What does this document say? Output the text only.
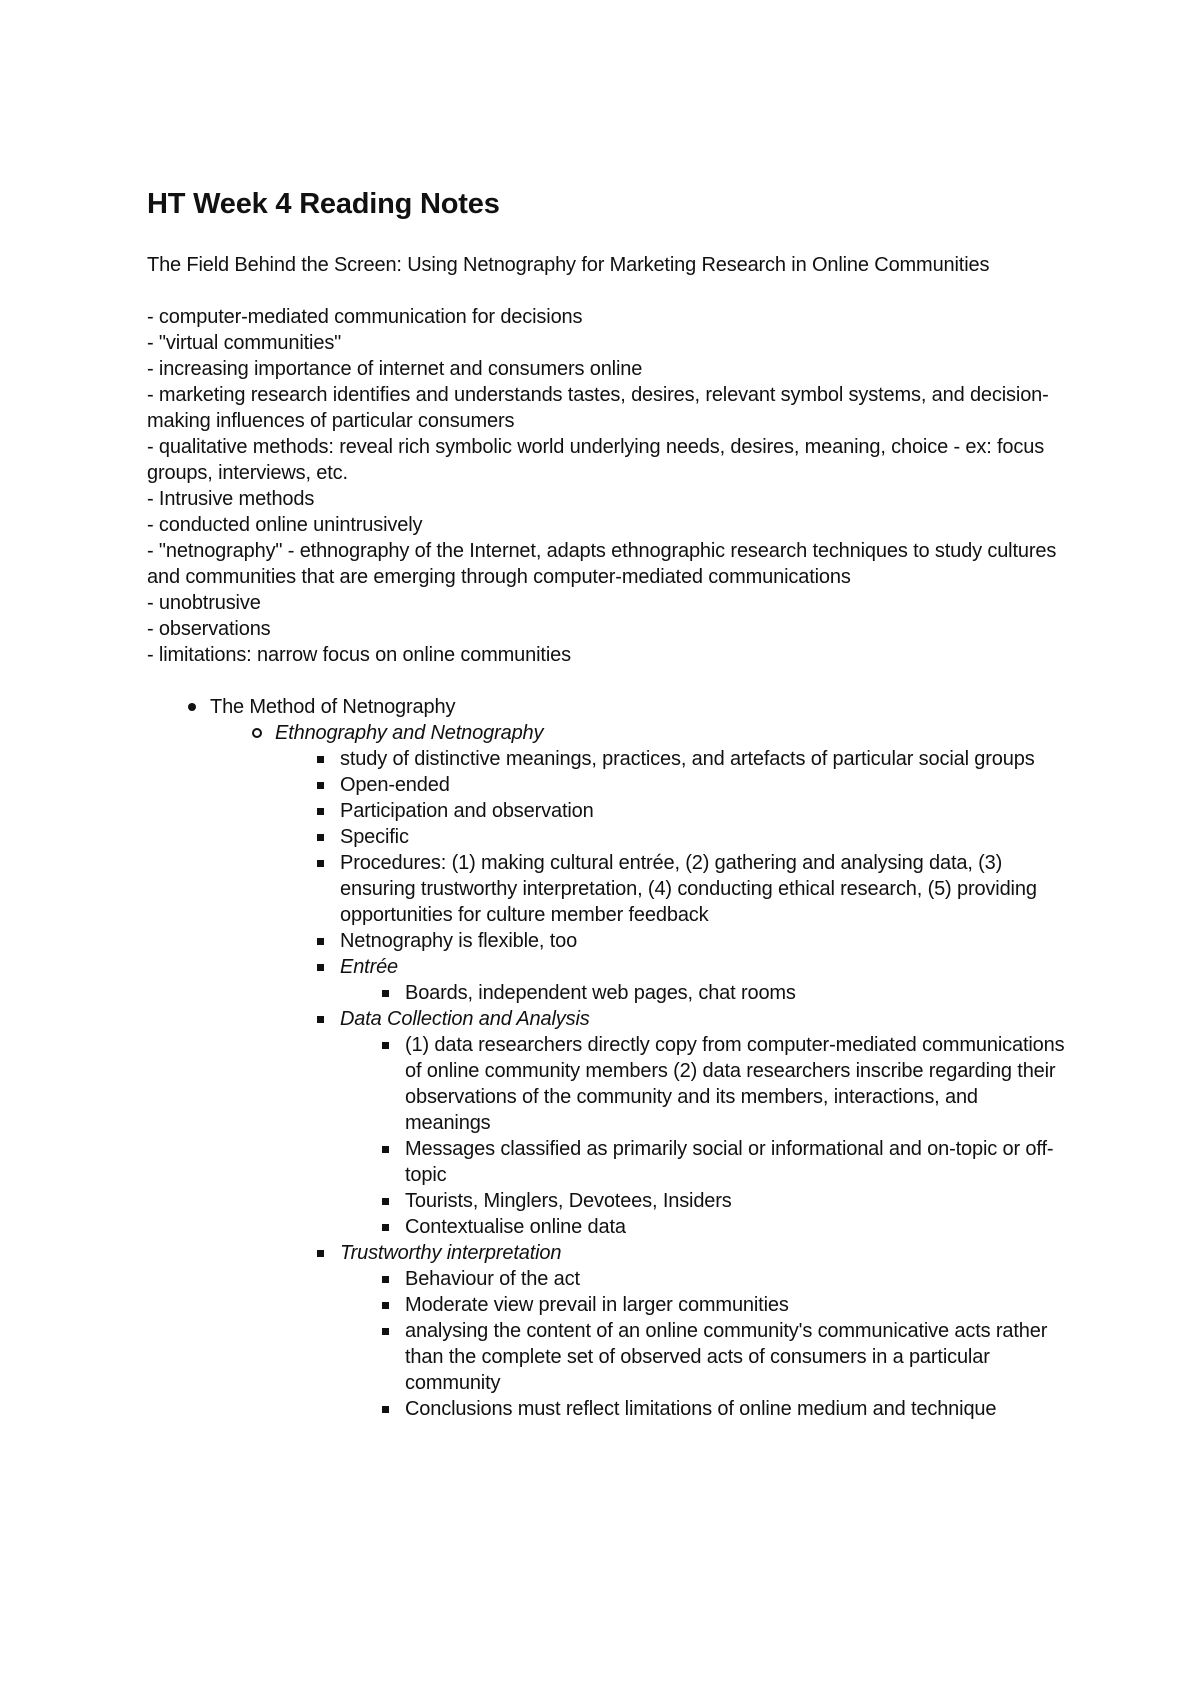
HT Week 4 Reading Notes

The Field Behind the Screen: Using Netnography for Marketing Research in Online Communities

- computer-mediated communication for decisions

- "virtual communities"

- increasing importance of internet and consumers online

- marketing research identifies and understands tastes, desires, relevant symbol systems, and decision-making influences of particular consumers

- qualitative methods: reveal rich symbolic world underlying needs, desires, meaning, choice - ex: focus groups, interviews, etc.

- Intrusive methods

- conducted online unintrusively

- "netnography" - ethnography of the Internet, adapts ethnographic research techniques to study cultures and communities that are emerging through computer-mediated communications

- unobtrusive

- observations

- limitations: narrow focus on online communities

The Method of Netnography
Ethnography and Netnography
study of distinctive meanings, practices, and artefacts of particular social groups
Open-ended
Participation and observation
Specific
Procedures: (1) making cultural entrée, (2) gathering and analysing data, (3) ensuring trustworthy interpretation, (4) conducting ethical research, (5) providing opportunities for culture member feedback
Netnography is flexible, too
Entrée
Boards, independent web pages, chat rooms
Data Collection and Analysis
(1) data researchers directly copy from computer-mediated communications of online community members (2) data researchers inscribe regarding their observations of the community and its members, interactions, and meanings
Messages classified as primarily social or informational and on-topic or off-topic
Tourists, Minglers, Devotees, Insiders
Contextualise online data
Trustworthy interpretation
Behaviour of the act
Moderate view prevail in larger communities
analysing the content of an online community's communicative acts rather than the complete set of observed acts of consumers in a particular community
Conclusions must reflect limitations of online medium and technique
